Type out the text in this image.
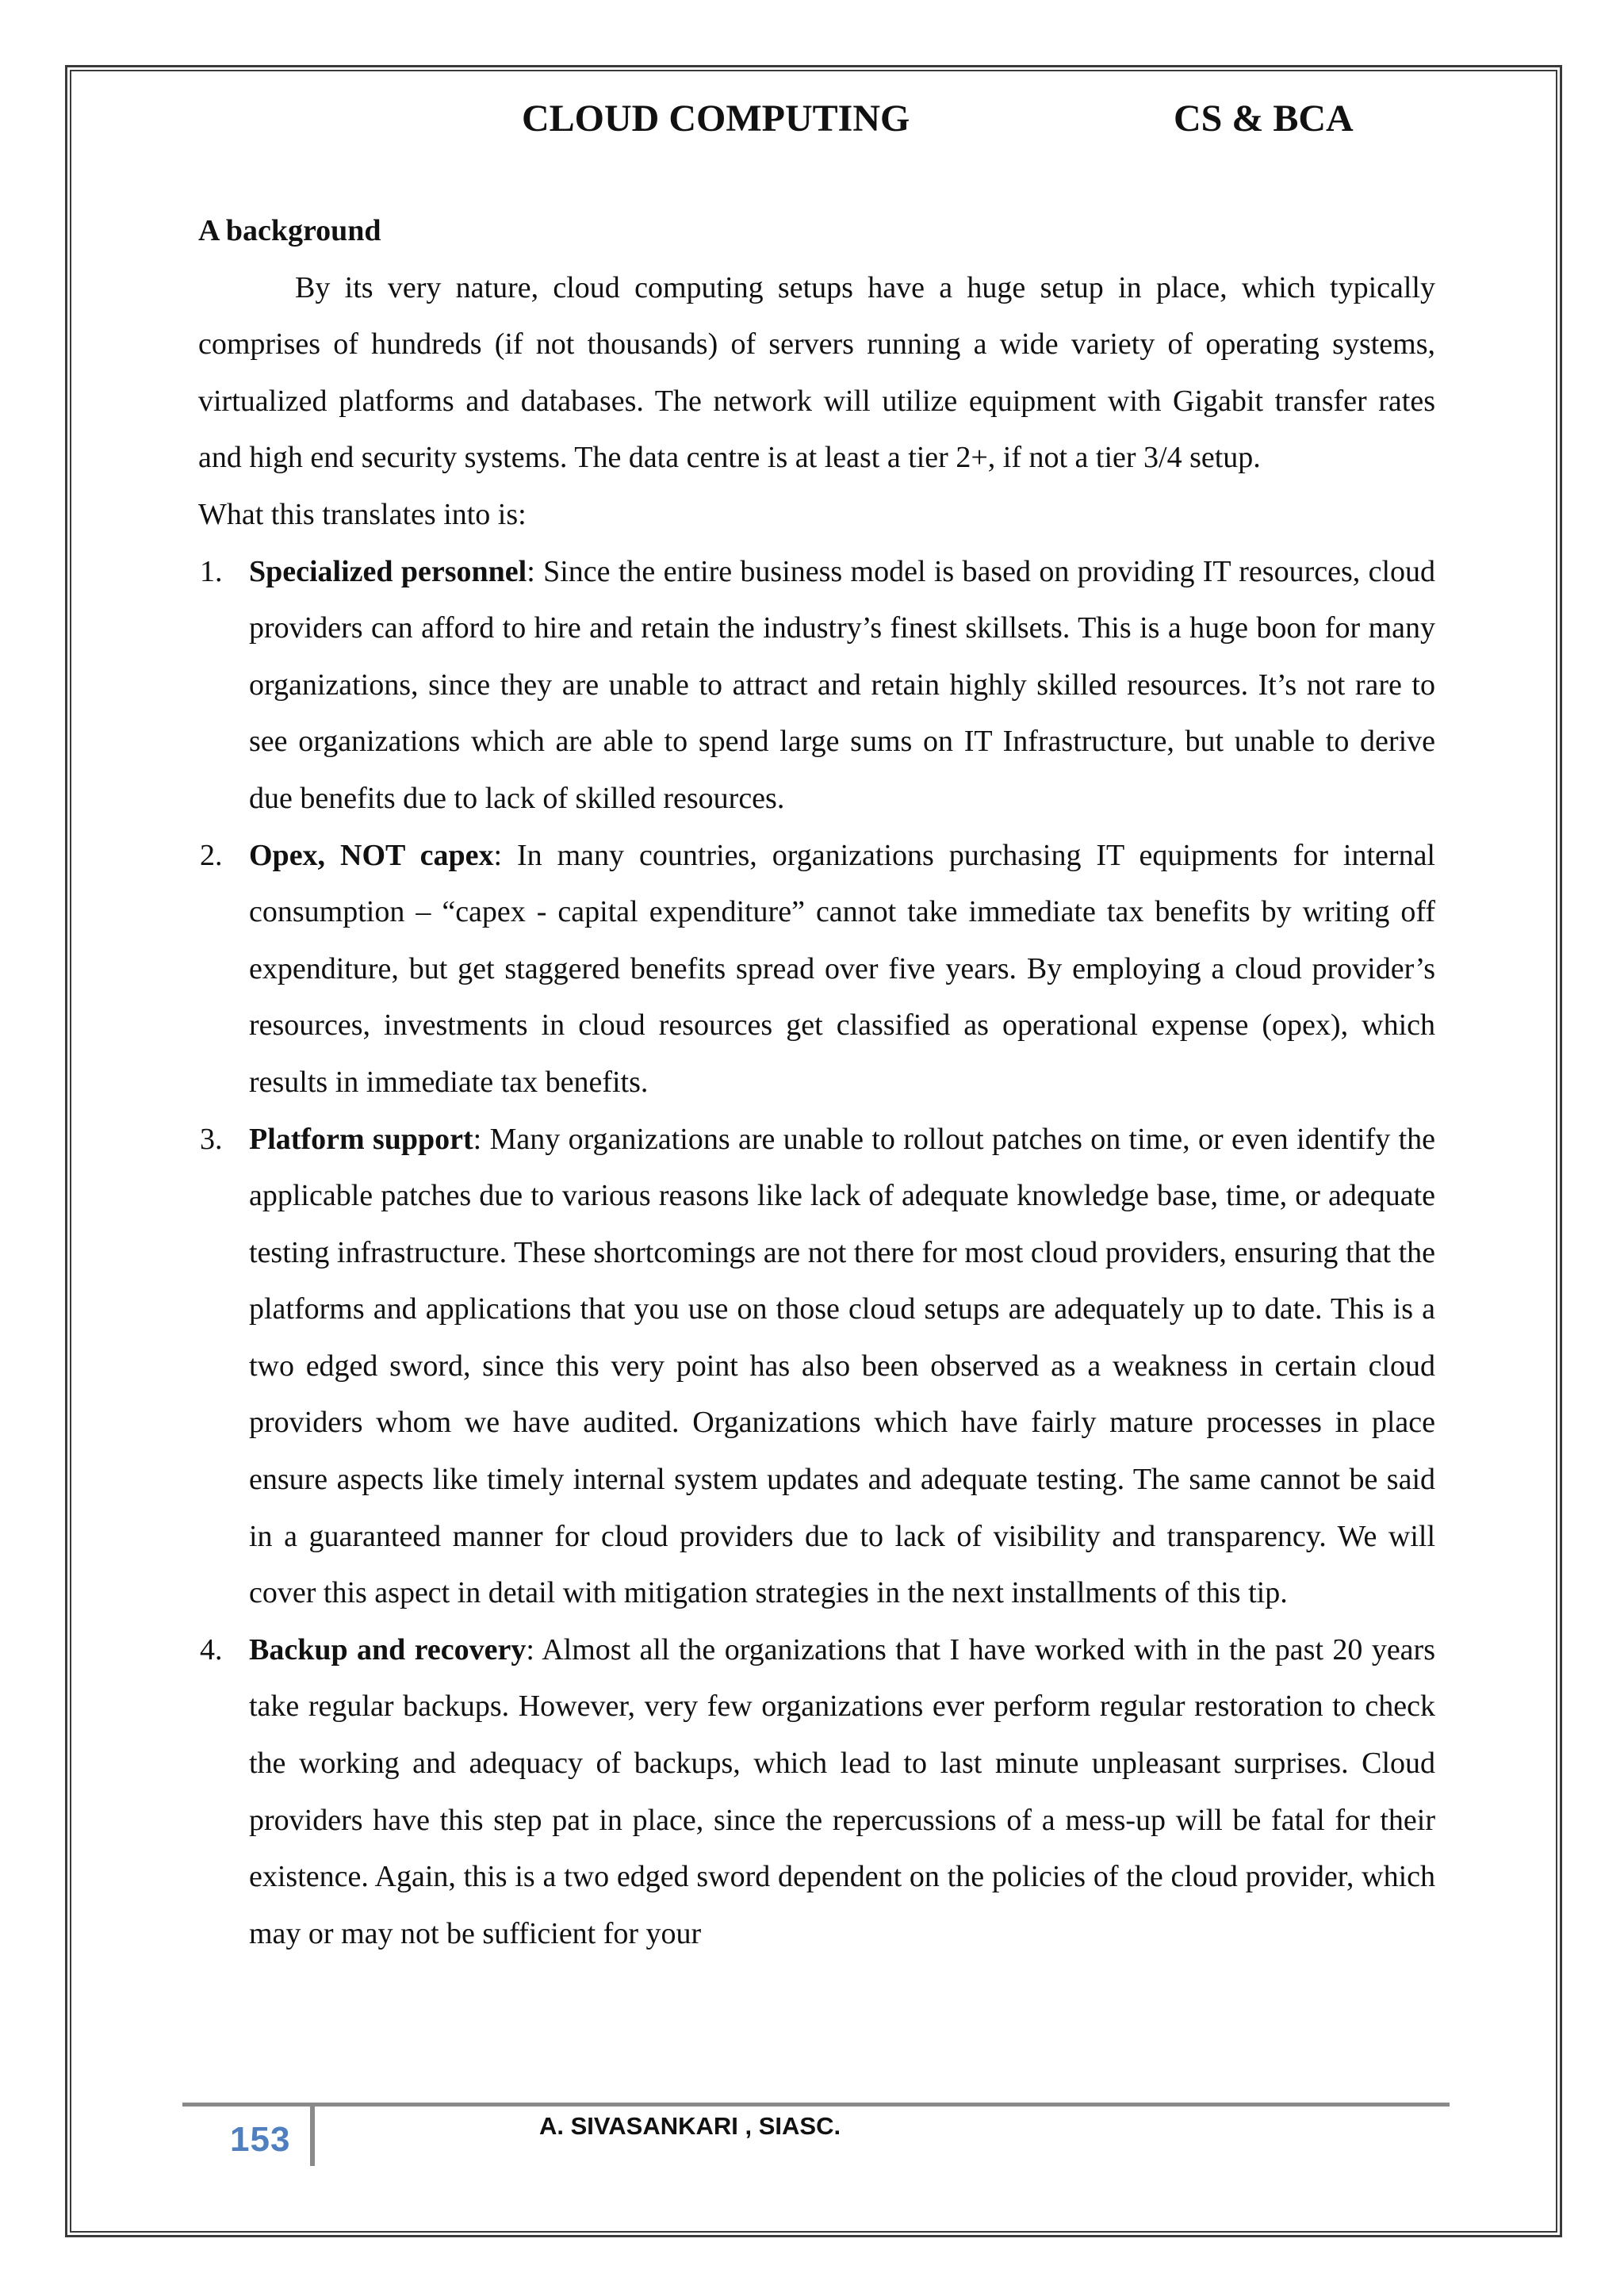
CLOUD COMPUTING	CS & BCA

A background

By its very nature, cloud computing setups have a huge setup in place, which typically comprises of hundreds (if not thousands) of servers running a wide variety of operating systems, virtualized platforms and databases. The network will utilize equipment with Gigabit transfer rates and high end security systems. The data centre is at least a tier 2+, if not a tier 3/4 setup.

What this translates into is:

1. Specialized personnel: Since the entire business model is based on providing IT resources, cloud providers can afford to hire and retain the industry’s finest skillsets. This is a huge boon for many organizations, since they are unable to attract and retain highly skilled resources. It’s not rare to see organizations which are able to spend large sums on IT Infrastructure, but unable to derive due benefits due to lack of skilled resources.
2. Opex, NOT capex: In many countries, organizations purchasing IT equipments for internal consumption – “capex - capital expenditure” cannot take immediate tax benefits by writing off expenditure, but get staggered benefits spread over five years. By employing a cloud provider’s resources, investments in cloud resources get classified as operational expense (opex), which results in immediate tax benefits.
3. Platform support: Many organizations are unable to rollout patches on time, or even identify the applicable patches due to various reasons like lack of adequate knowledge base, time, or adequate testing infrastructure. These shortcomings are not there for most cloud providers, ensuring that the platforms and applications that you use on those cloud setups are adequately up to date. This is a two edged sword, since this very point has also been observed as a weakness in certain cloud providers whom we have audited. Organizations which have fairly mature processes in place ensure aspects like timely internal system updates and adequate testing. The same cannot be said in a guaranteed manner for cloud providers due to lack of visibility and transparency. We will cover this aspect in detail with mitigation strategies in the next installments of this tip.
4. Backup and recovery: Almost all the organizations that I have worked with in the past 20 years take regular backups. However, very few organizations ever perform regular restoration to check the working and adequacy of backups, which lead to last minute unpleasant surprises. Cloud providers have this step pat in place, since the repercussions of a mess-up will be fatal for their existence. Again, this is a two edged sword dependent on the policies of the cloud provider, which may or may not be sufficient for your
153	A. SIVASANKARI , SIASC.
